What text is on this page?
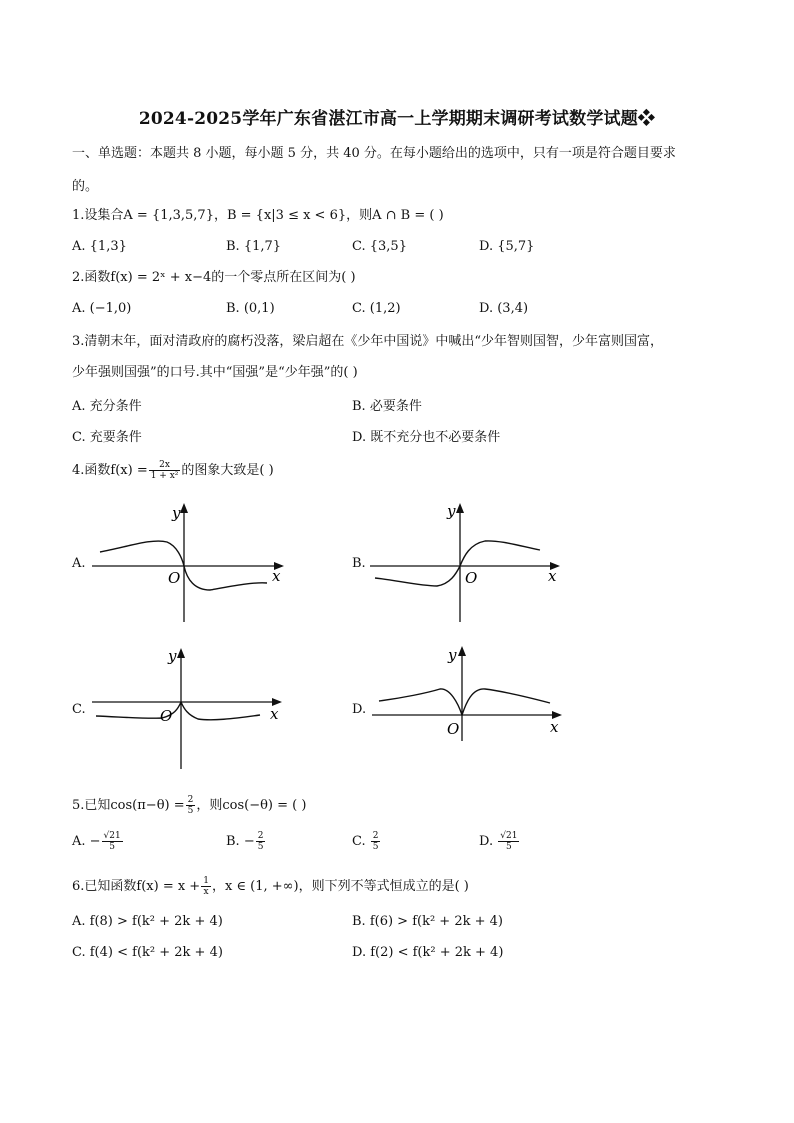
2024-2025学年广东省湛江市高一上学期期末调研考试数学试题❖
一、单选题：本题共 8 小题，每小题 5 分，共 40 分。在每小题给出的选项中，只有一项是符合题目要求
的。
1.设集合A = {1,3,5,7}，B = {x|3 ≤ x < 6}，则A ∩ B = ( )
A. {1,3}	B. {1,7}	C. {3,5}	D. {5,7}
2.函数f(x) = 2ˣ + x−4的一个零点所在区间为( )
A. (−1,0)	B. (0,1)	C. (1,2)	D. (3,4)
3.清朝末年，面对清政府的腐朽没落，梁启超在《少年中国说》中喊出“少年智则国智，少年富则国富，
少年强则国强”的口号.其中“国强”是“少年强”的( )
A. 充分条件	B. 必要条件
C. 充要条件	D. 既不充分也不必要条件
4.函数$f(x) = \frac{2x}{\text{1 + x²}}$ 的图象大致是( )
A.
y
x
O
B.
y
x
O
C.
y
x
O	D.
y
x
O
5.已知$\cos(\pi-\theta) = \frac{2}{5}$ ，则cos(−θ) = ( )
A. − $\frac{√21}{5}$	B. − $\frac{2}{5}$	C. $\frac{2}{5}$	D. $\frac{√21}{5}$
6.已知函数$f(x) = x + \frac{1}{x}$ ，x ∈ (1, +∞)，则下列不等式恒成立的是( )
A. f(8) > f(k² + 2k + 4)	B. f(6) > f(k² + 2k + 4)
C. f(4) < f(k² + 2k + 4)	D. f(2) < f(k² + 2k + 4)
